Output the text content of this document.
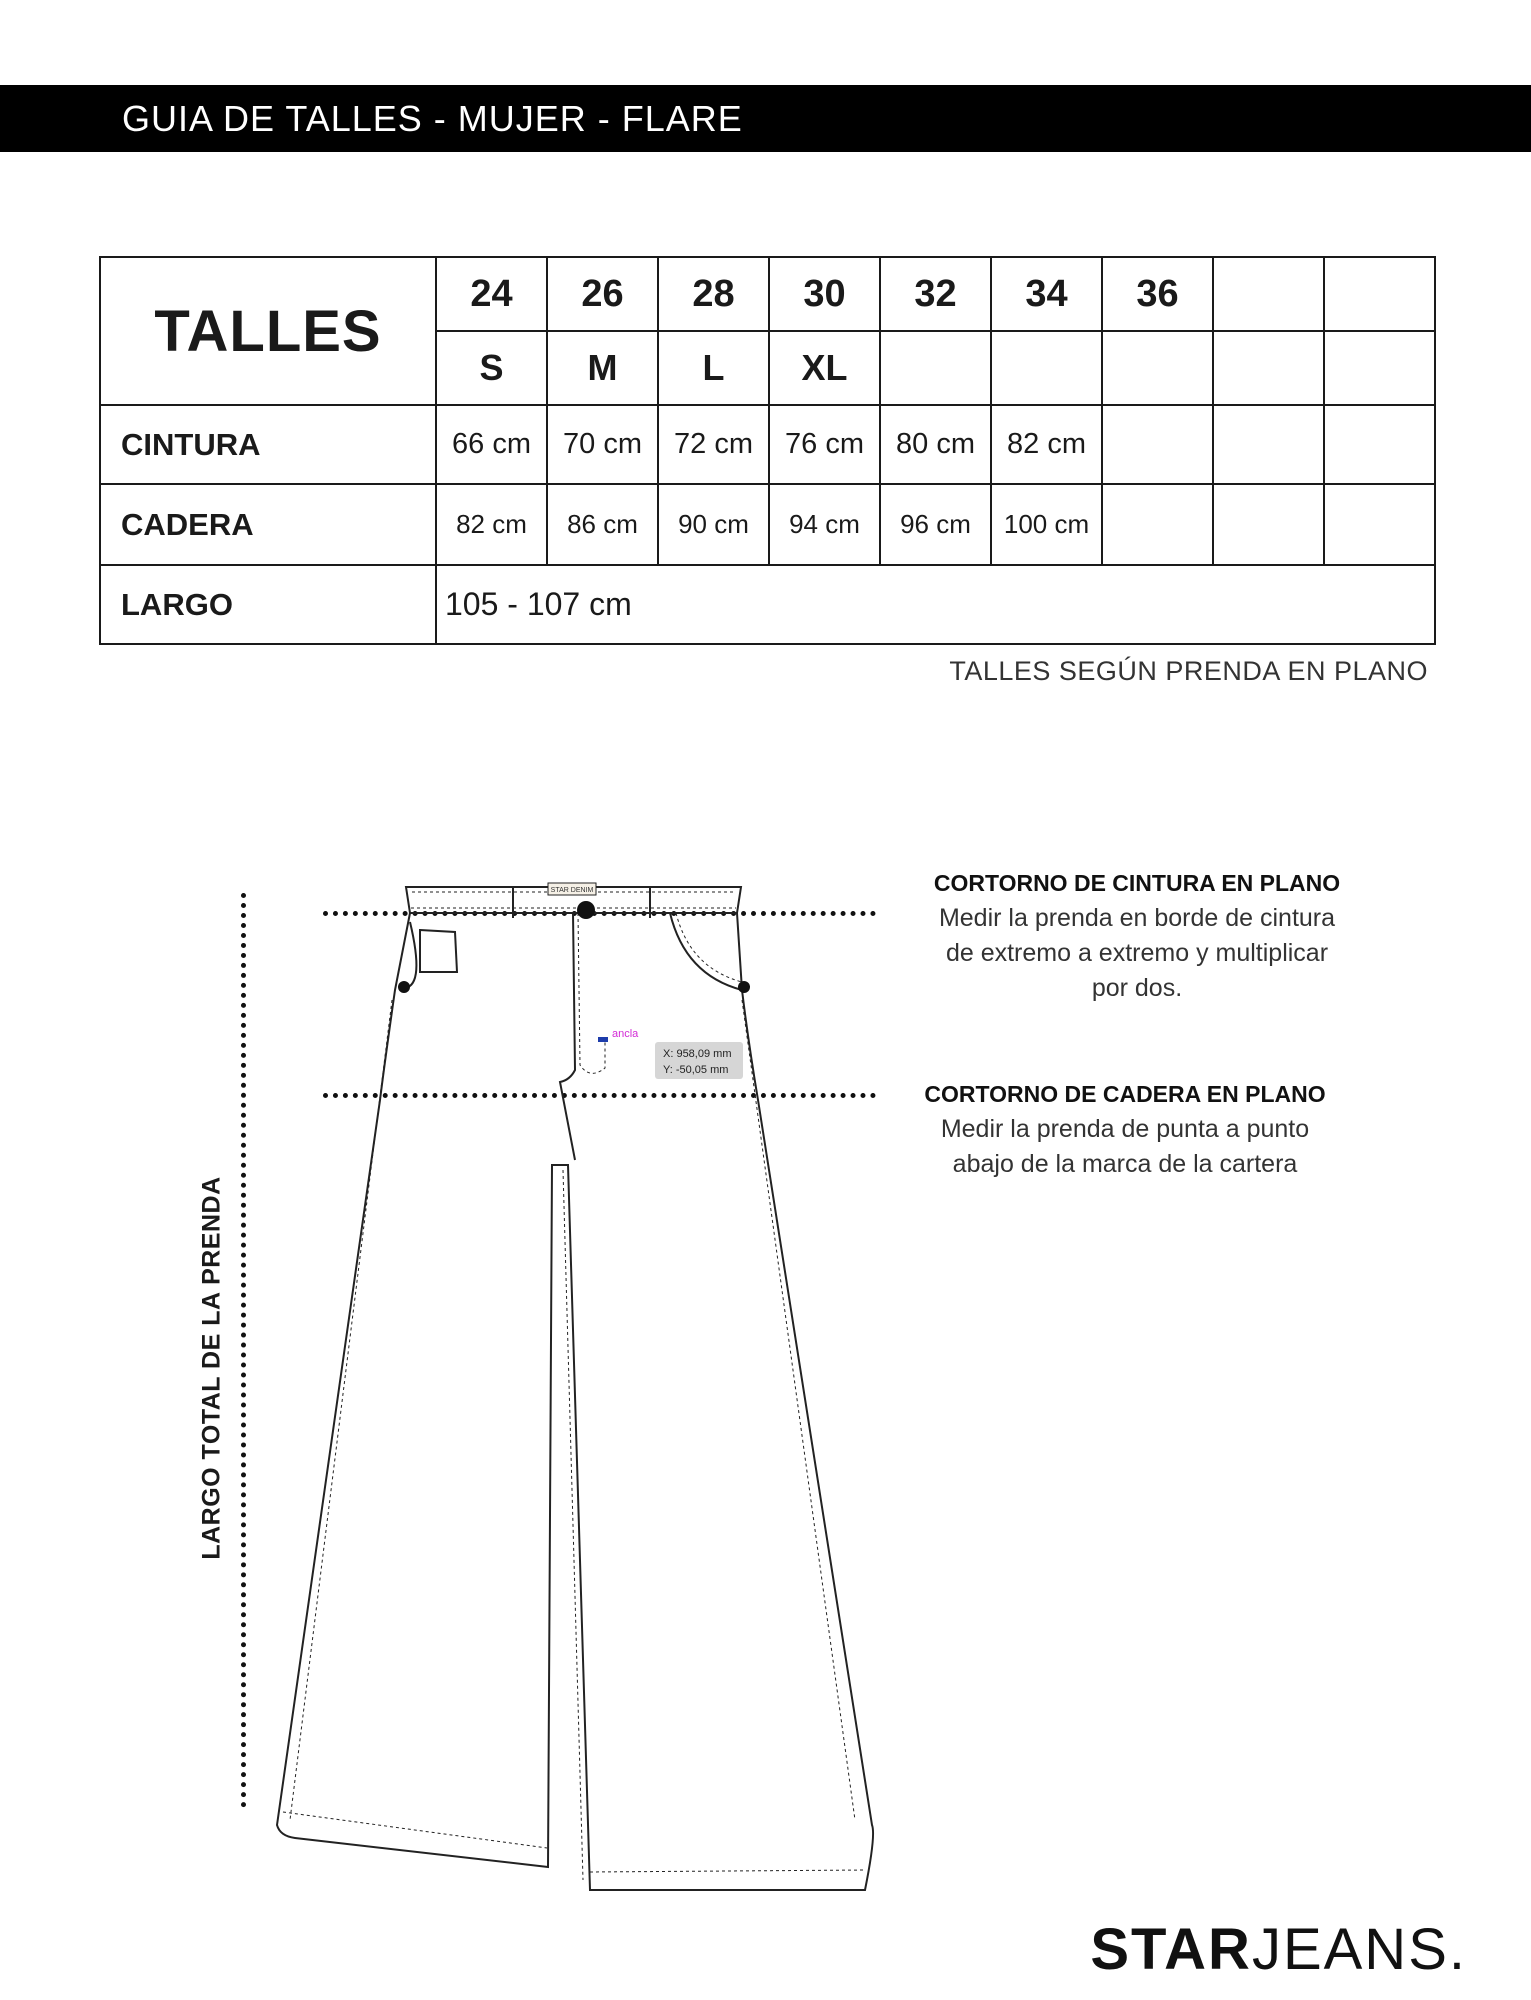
GUIA DE TALLES - MUJER - FLARE
TALLES	24	26	28	30	32	34	36		
	S	M	L	XL					
CINTURA	66 cm	70 cm	72 cm	76 cm	80 cm	82 cm			
CADERA	82 cm	86 cm	90 cm	94 cm	96 cm	100 cm			
LARGO	105 - 107 cm								
TALLES SEGÚN PRENDA EN PLANO
LARGO TOTAL DE LA PRENDA
STAR DENIM
ancla
X: 958,09 mm
Y: -50,05 mm
CORTORNO DE CINTURA EN PLANO
Medir la prenda en borde de cintura
de extremo a extremo y multiplicar
por dos.
CORTORNO DE CADERA EN PLANO
Medir la prenda de punta a punto
abajo de la marca de la cartera
STARJEANS.
